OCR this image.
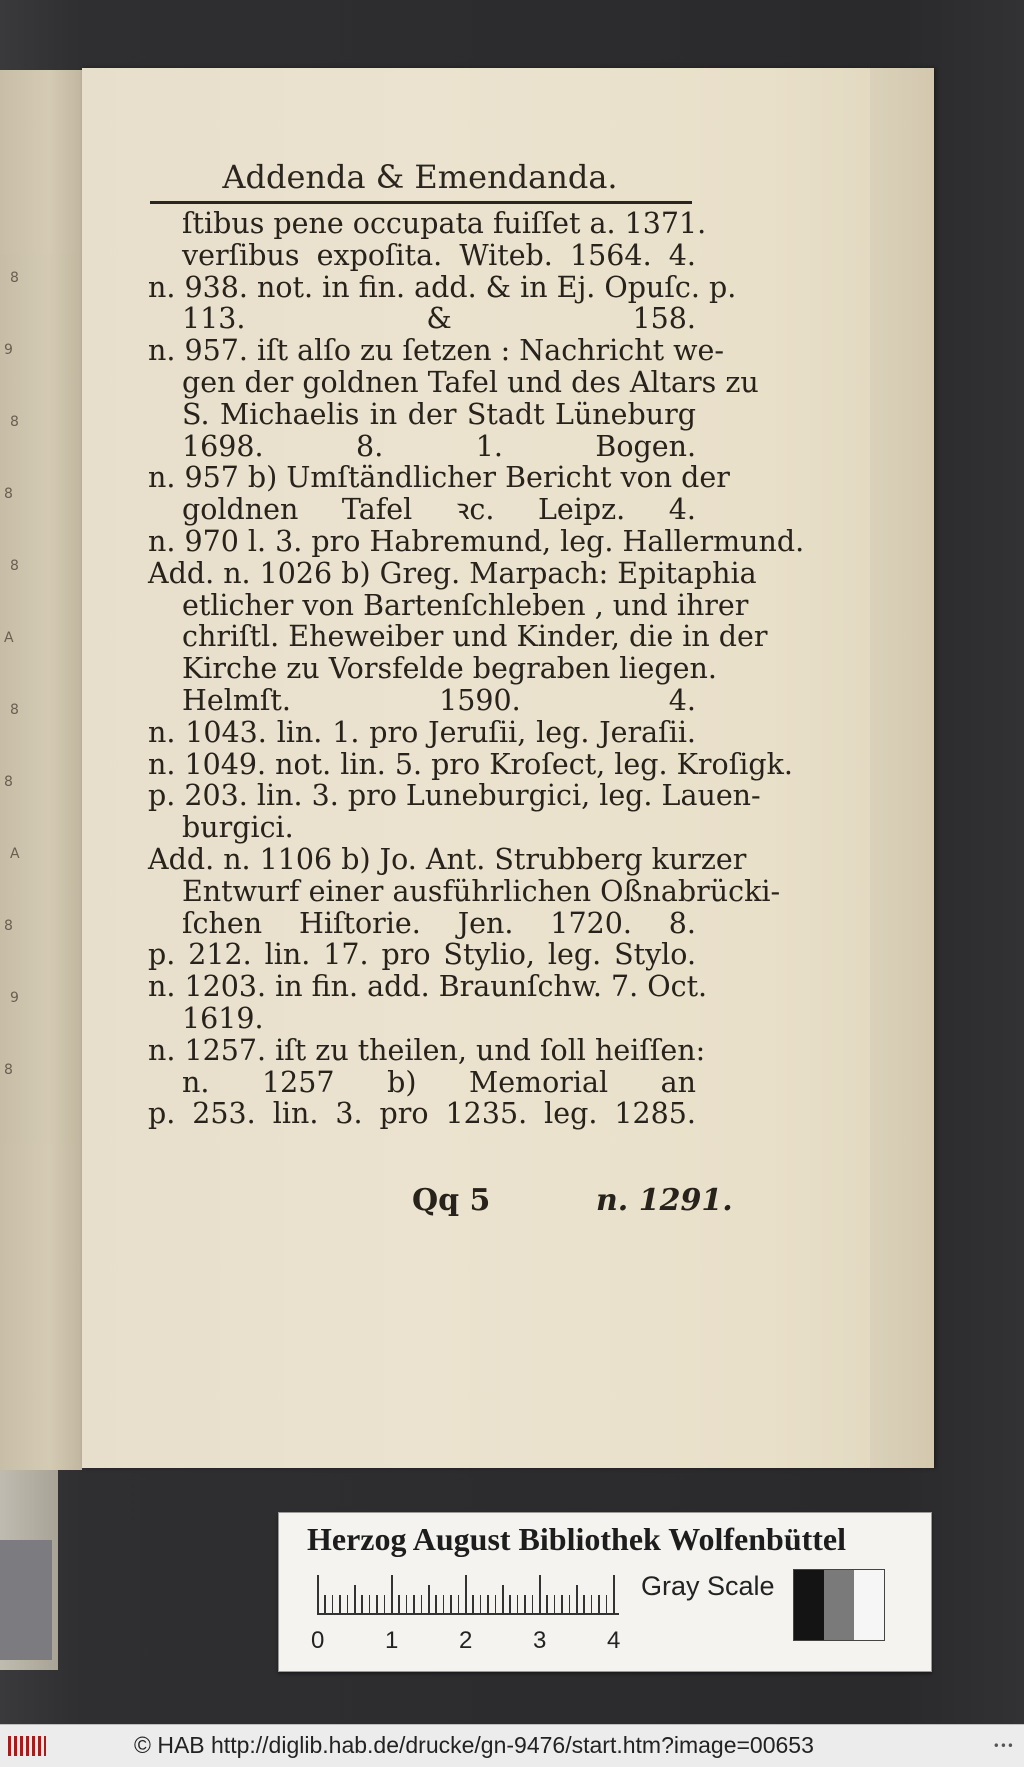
8
9
8
8
8
A
8
8
A
8
9
8
Addenda & Emendanda.
ſtibus pene occupata fuiſſet a. 1371.
verſibus expoſita. Witeb. 1564. 4.
n. 938. not. in fin. add. & in Ej. Opuſc. p.
113. & 158.
n. 957. iſt alſo zu ſetzen : Nachricht we-
gen der goldnen Tafel und des Altars zu
S. Michaelis in der Stadt Lüneburg
1698. 8. 1. Bogen.
n. 957 b) Umſtändlicher Bericht von der
goldnen Tafel ꝛc. Leipz. 4.
n. 970 l. 3. pro Habremund, leg. Hallermund.
Add. n. 1026 b) Greg. Marpach: Epitaphia
etlicher von Bartenſchleben , und ihrer
chriſtl. Eheweiber und Kinder, die in der
Kirche zu Vorsfelde begraben liegen.
Helmſt. 1590. 4.
n. 1043. lin. 1. pro Jeruſii, leg. Jeraſii.
n. 1049. not. lin. 5. pro Kroſect, leg. Kroſigk.
p. 203. lin. 3. pro Luneburgici, leg. Lauen-
burgici.
Add. n. 1106 b) Jo. Ant. Strubberg kurzer
Entwurf einer ausführlichen Oßnabrücki-
ſchen Hiſtorie. Jen. 1720. 8.
p. 212. lin. 17. pro Stylio, leg. Stylo.
n. 1203. in fin. add. Braunſchw. 7. Oct.
1619.
n. 1257. iſt zu theilen, und ſoll heiſſen:
n. 1257 b) Memorial an
p. 253. lin. 3. pro 1235. leg. 1285.
Qq 5	n. 1291.
Herzog August Bibliothek Wolfenbüttel
0	1	2	3	4
Gray Scale
© HAB http://diglib.hab.de/drucke/gn-9476/start.htm?image=00653	•••
